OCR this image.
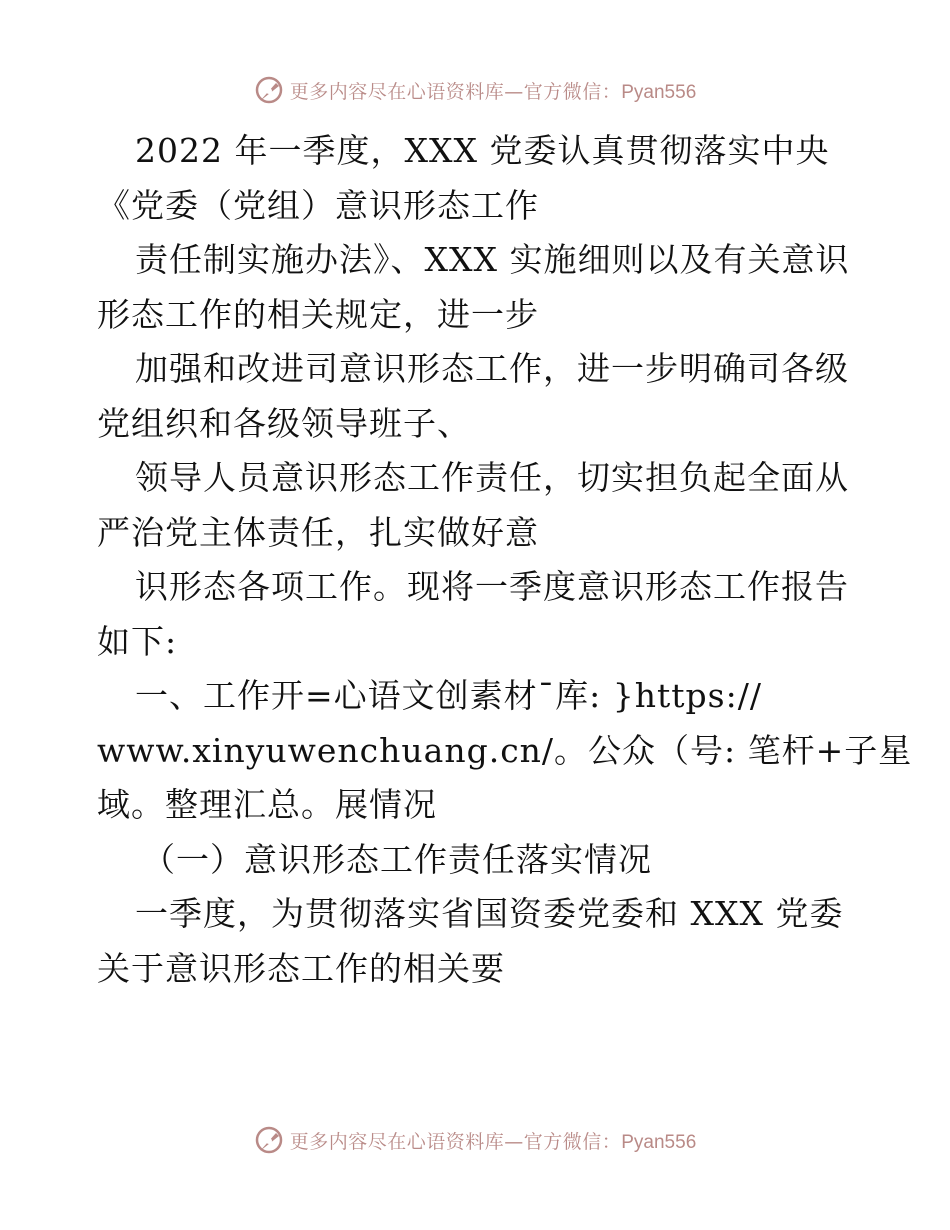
更多内容尽在心语资料库—官方微信：Pyan556
2022 年一季度，XXX 党委认真贯彻落实中央
《党委（党组）意识形态工作
责任制实施办法》、XXX 实施细则以及有关意识
形态工作的相关规定，进一步
加强和改进司意识形态工作，进一步明确司各级
党组织和各级领导班子、
领导人员意识形态工作责任，切实担负起全面从
严治党主体责任，扎实做好意
识形态各项工作。现将一季度意识形态工作报告
如下:
一、工作开=心语文创素材¯库: }https://
www.xinyuwenchuang.cn/。公众（号: 笔杆+子星
域。整理汇总。展情况
（一）意识形态工作责任落实情况
一季度，为贯彻落实省国资委党委和 XXX 党委
关于意识形态工作的相关要
更多内容尽在心语资料库—官方微信：Pyan556
